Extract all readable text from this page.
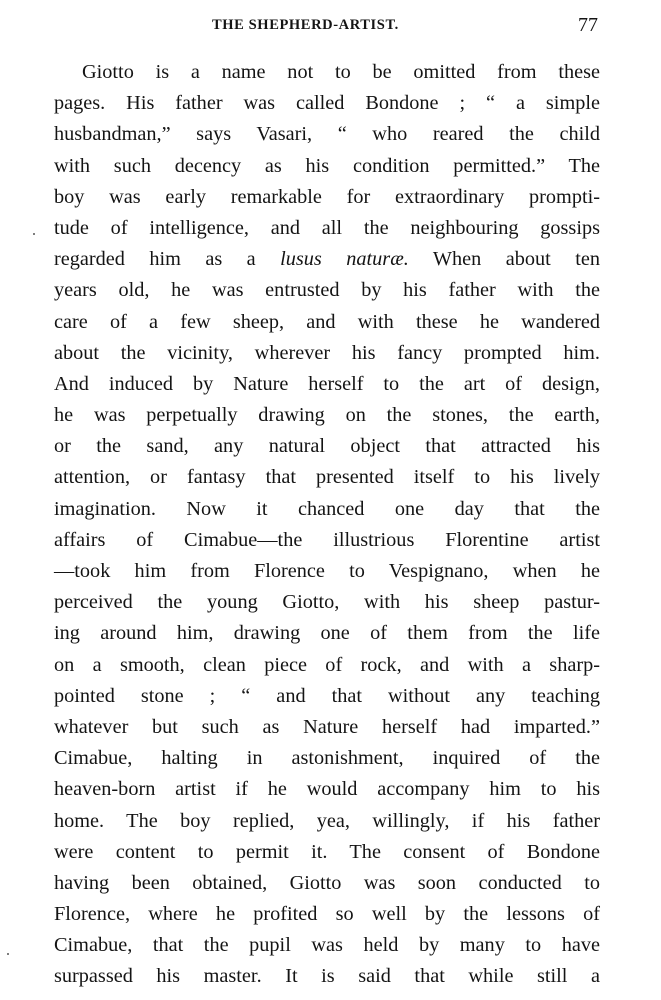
THE SHEPHERD-ARTIST.	77
Giotto is a name not to be omitted from these
pages. His father was called Bondone ; “ a simple
husbandman,” says Vasari, “ who reared the child
with such decency as his condition permitted.” The
boy was early remarkable for extraordinary prompti-
tude of intelligence, and all the neighbouring gossips
regarded him as a lusus naturæ. When about ten
years old, he was entrusted by his father with the
care of a few sheep, and with these he wandered
about the vicinity, wherever his fancy prompted him.
And induced by Nature herself to the art of design,
he was perpetually drawing on the stones, the earth,
or the sand, any natural object that attracted his
attention, or fantasy that presented itself to his lively
imagination. Now it chanced one day that the
affairs of Cimabue—the illustrious Florentine artist
—took him from Florence to Vespignano, when he
perceived the young Giotto, with his sheep pastur-
ing around him, drawing one of them from the life
on a smooth, clean piece of rock, and with a sharp-
pointed stone ; “ and that without any teaching
whatever but such as Nature herself had imparted.”
Cimabue, halting in astonishment, inquired of the
heaven-born artist if he would accompany him to his
home. The boy replied, yea, willingly, if his father
were content to permit it. The consent of Bondone
having been obtained, Giotto was soon conducted to
Florence, where he profited so well by the lessons of
Cimabue, that the pupil was held by many to have
surpassed his master. It is said that while still a
